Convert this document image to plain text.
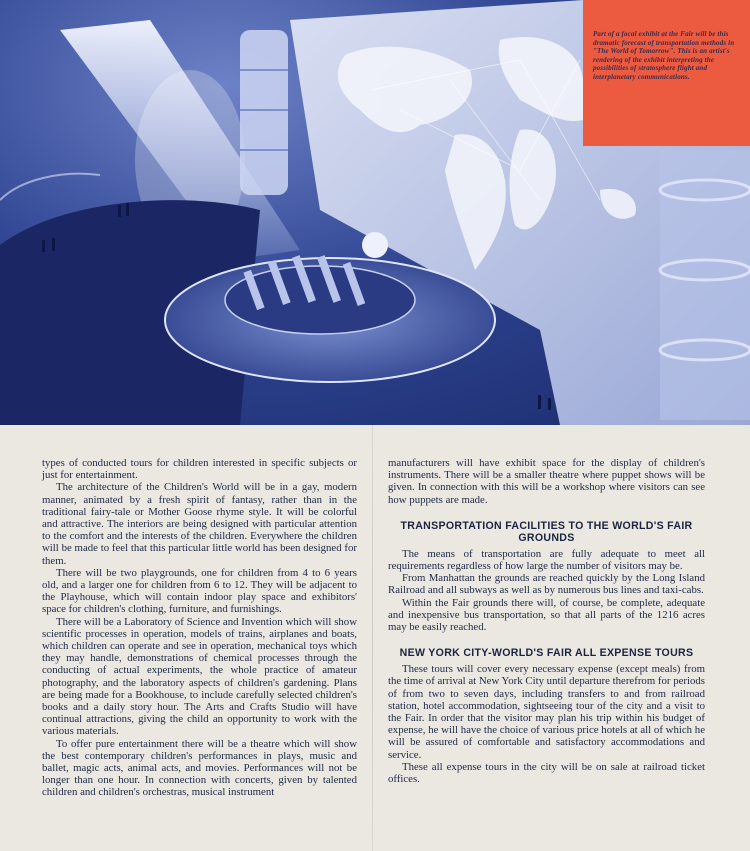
Part of a focal exhibit at the Fair will be this dramatic forecast of transportation methods in "The World of Tomorrow". This is an artist's rendering of the exhibit interpreting the possibilities of stratosphere flight and interplanetary communications.

types of conducted tours for children interested in specific subjects or just for entertainment.

The architecture of the Children's World will be in a gay, modern manner, animated by a fresh spirit of fantasy, rather than in the traditional fairy-tale or Mother Goose rhyme style. It will be colorful and attractive. The interiors are being designed with particular attention to the comfort and the interests of the children. Everywhere the children will be made to feel that this particular little world has been designed for them.

There will be two playgrounds, one for children from 4 to 6 years old, and a larger one for children from 6 to 12. They will be adjacent to the Playhouse, which will contain indoor play space and exhibitors' space for children's clothing, furniture, and furnishings.

There will be a Laboratory of Science and Invention which will show scientific processes in operation, models of trains, airplanes and boats, which children can operate and see in operation, mechanical toys which they may handle, demonstrations of chemical processes through the conducting of actual experiments, the whole practice of amateur photography, and the laboratory aspects of children's gardening. Plans are being made for a Bookhouse, to include carefully selected children's books and a daily story hour. The Arts and Crafts Studio will have continual attractions, giving the child an opportunity to work with the various materials.

To offer pure entertainment there will be a theatre which will show the best contemporary children's performances in plays, music and ballet, magic acts, animal acts, and movies. Performances will not be longer than one hour. In connection with concerts, given by talented children and children's orchestras, musical instrument

manufacturers will have exhibit space for the display of children's instruments. There will be a smaller theatre where puppet shows will be given. In connection with this will be a workshop where visitors can see how puppets are made.

TRANSPORTATION FACILITIES TO THE WORLD'S FAIR GROUNDS

The means of transportation are fully adequate to meet all requirements regardless of how large the number of visitors may be.

From Manhattan the grounds are reached quickly by the Long Island Railroad and all subways as well as by numerous bus lines and taxi-cabs.

Within the Fair grounds there will, of course, be complete, adequate and inexpensive bus transportation, so that all parts of the 1216 acres may be easily reached.

NEW YORK CITY-WORLD'S FAIR ALL EXPENSE TOURS

These tours will cover every necessary expense (except meals) from the time of arrival at New York City until departure therefrom for periods of from two to seven days, including transfers to and from railroad station, hotel accommodation, sightseeing tour of the city and a visit to the Fair. In order that the visitor may plan his trip within his budget of expense, he will have the choice of various price hotels at all of which he will be assured of comfortable and satisfactory accommodations and service.

These all expense tours in the city will be on sale at railroad ticket offices.
